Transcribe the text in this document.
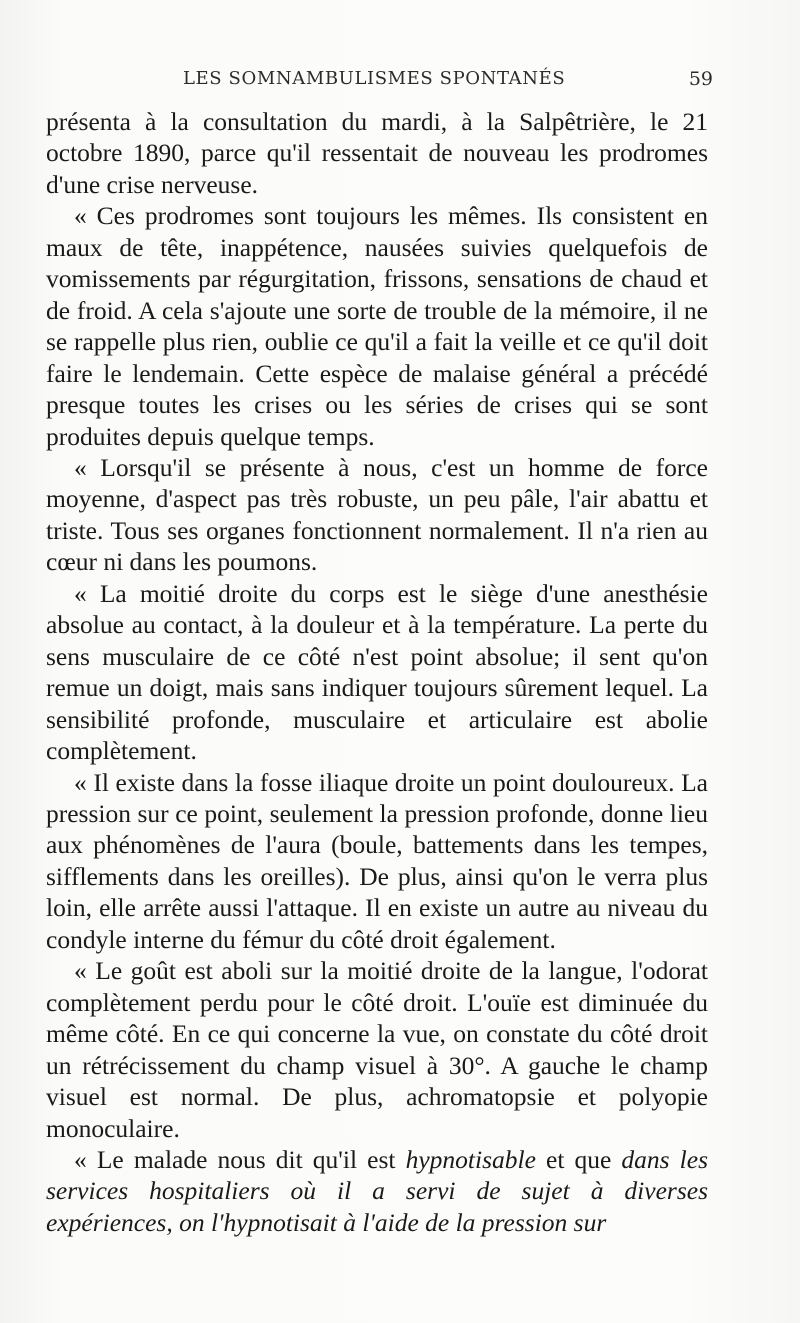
LES SOMNAMBULISMES SPONTANÉS	59

présenta à la consultation du mardi, à la Salpêtrière, le 21 octobre 1890, parce qu'il ressentait de nouveau les prodromes d'une crise nerveuse.

« Ces prodromes sont toujours les mêmes. Ils consistent en maux de tête, inappétence, nausées suivies quelquefois de vomissements par régurgitation, frissons, sensations de chaud et de froid. A cela s'ajoute une sorte de trouble de la mémoire, il ne se rappelle plus rien, oublie ce qu'il a fait la veille et ce qu'il doit faire le lendemain. Cette espèce de malaise général a précédé presque toutes les crises ou les séries de crises qui se sont produites depuis quelque temps.

« Lorsqu'il se présente à nous, c'est un homme de force moyenne, d'aspect pas très robuste, un peu pâle, l'air abattu et triste. Tous ses organes fonctionnent normalement. Il n'a rien au cœur ni dans les poumons.

« La moitié droite du corps est le siège d'une anesthésie absolue au contact, à la douleur et à la température. La perte du sens musculaire de ce côté n'est point absolue; il sent qu'on remue un doigt, mais sans indiquer toujours sûrement lequel. La sensibilité profonde, musculaire et articulaire est abolie complètement.

« Il existe dans la fosse iliaque droite un point douloureux. La pression sur ce point, seulement la pression profonde, donne lieu aux phénomènes de l'aura (boule, battements dans les tempes, sifflements dans les oreilles). De plus, ainsi qu'on le verra plus loin, elle arrête aussi l'attaque. Il en existe un autre au niveau du condyle interne du fémur du côté droit également.

« Le goût est aboli sur la moitié droite de la langue, l'odorat complètement perdu pour le côté droit. L'ouïe est diminuée du même côté. En ce qui concerne la vue, on constate du côté droit un rétrécissement du champ visuel à 30°. A gauche le champ visuel est normal. De plus, achromatopsie et polyopie monoculaire.

« Le malade nous dit qu'il est hypnotisable et que dans les services hospitaliers où il a servi de sujet à diverses expériences, on l'hypnotisait à l'aide de la pression sur
